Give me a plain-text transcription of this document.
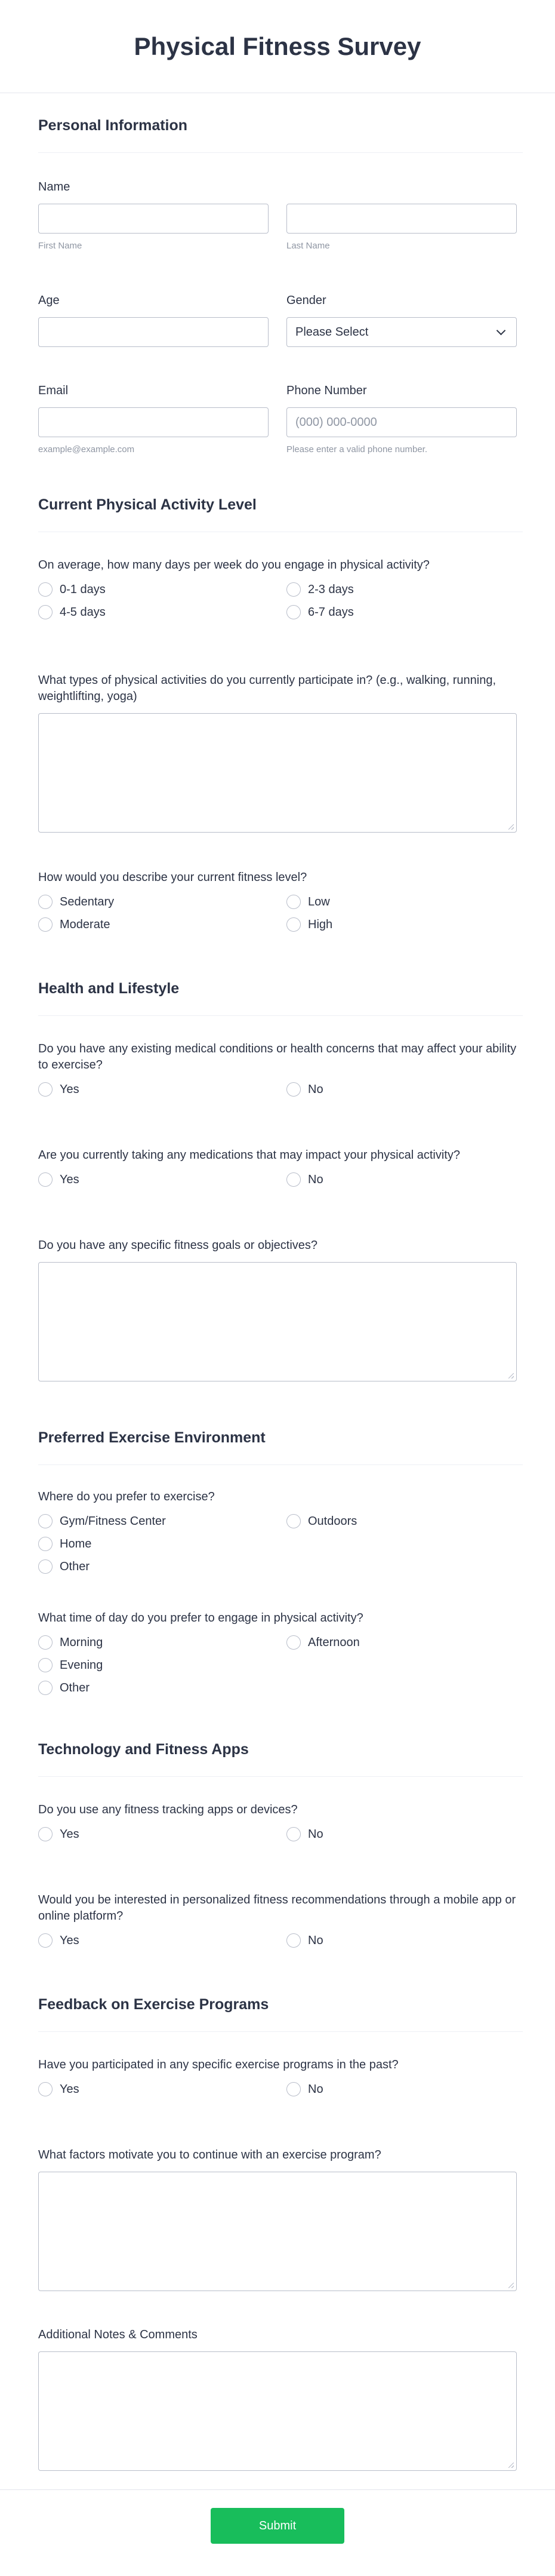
Physical Fitness Survey
Personal Information
Name
First Name	Last Name
Age	Gender
Please Select
Email
example@example.com
Phone Number
(000) 000-0000
Please enter a valid phone number.
Current Physical Activity Level
On average, how many days per week do you engage in physical activity?
0-1 days	2-3 days
4-5 days	6-7 days
What types of physical activities do you currently participate in? (e.g., walking, running, weightlifting, yoga)
How would you describe your current fitness level?
Sedentary	Low
Moderate	High
Health and Lifestyle
Do you have any existing medical conditions or health concerns that may affect your ability to exercise?
Yes	No
Are you currently taking any medications that may impact your physical activity?
Yes	No
Do you have any specific fitness goals or objectives?
Preferred Exercise Environment
Where do you prefer to exercise?
Gym/Fitness Center	Outdoors
Home
Other
What time of day do you prefer to engage in physical activity?
Morning	Afternoon
Evening
Other
Technology and Fitness Apps
Do you use any fitness tracking apps or devices?
Yes	No
Would you be interested in personalized fitness recommendations through a mobile app or online platform?
Yes	No
Feedback on Exercise Programs
Have you participated in any specific exercise programs in the past?
Yes	No
What factors motivate you to continue with an exercise program?
Additional Notes & Comments
Submit
